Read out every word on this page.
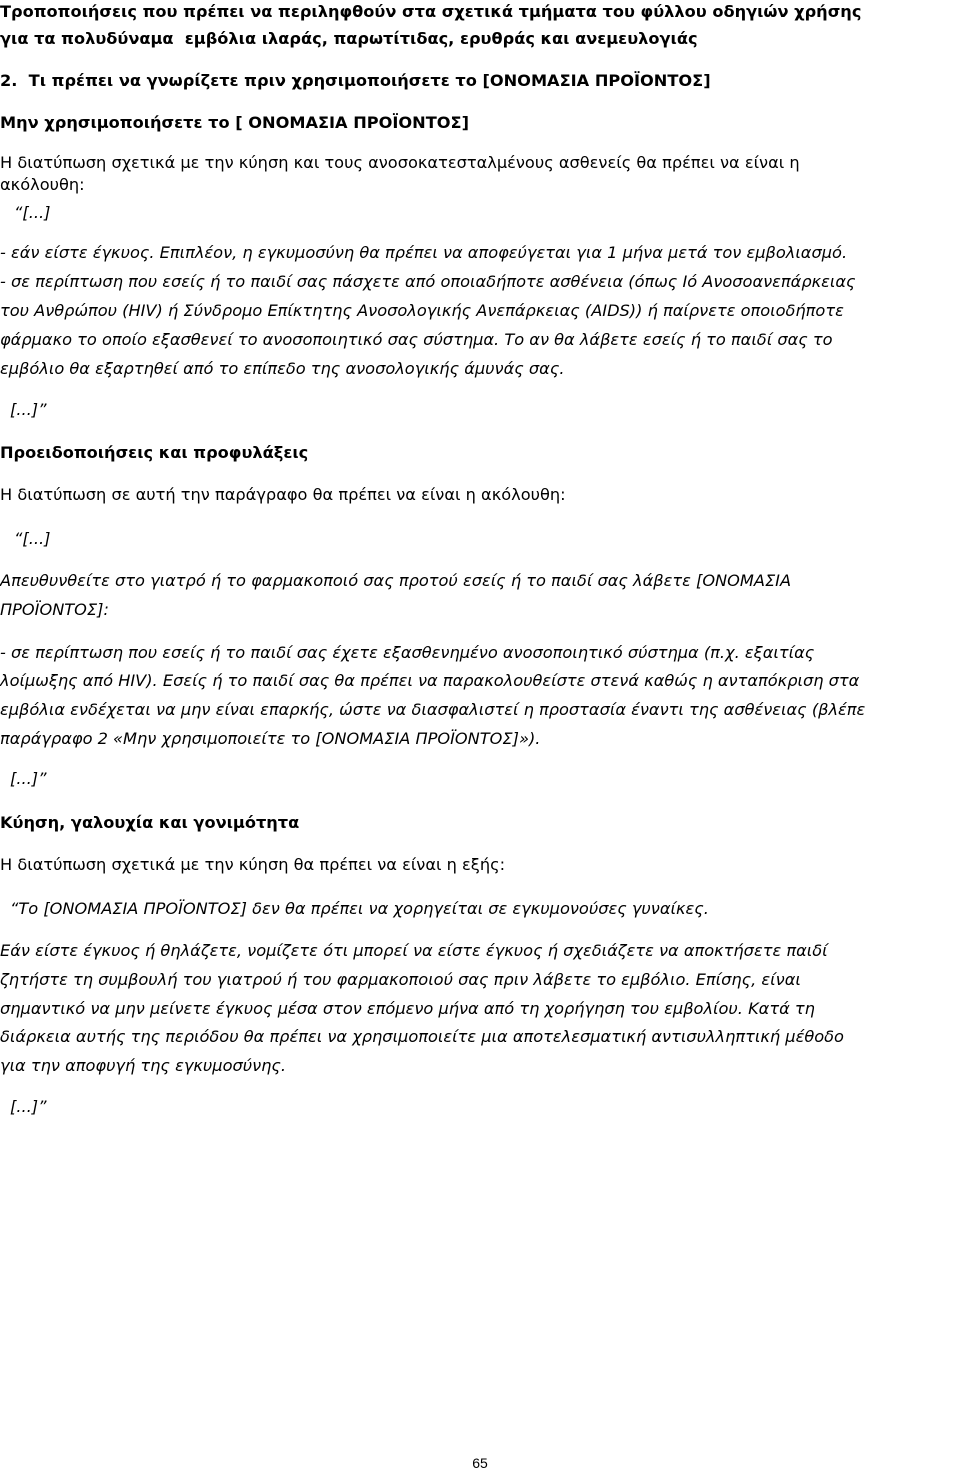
Τροποποιήσεις που πρέπει να περιληφθούν στα σχετικά τμήματα του φύλλου οδηγιών χρήσης

για τα πολυδύναμα  εμβόλια ιλαράς, παρωτίτιδας, ερυθράς και ανεμευλογιάς

2.  Τι πρέπει να γνωρίζετε πριν χρησιμοποιήσετε το [ΟΝΟΜΑΣΙΑ ΠΡΟΪΟΝΤΟΣ]

Μην χρησιμοποιήσετε το [ ΟΝΟΜΑΣΙΑ ΠΡΟΪΟΝΤΟΣ]

Η διατύπωση σχετικά με την κύηση και τους ανοσοκατεσταλμένους ασθενείς θα πρέπει να είναι η

ακόλουθη:

“[...]

- εάν είστε έγκυος. Επιπλέον, η εγκυμοσύνη θα πρέπει να αποφεύγεται για 1 μήνα μετά τον εμβολιασμό.

- σε περίπτωση που εσείς ή το παιδί σας πάσχετε από οποιαδήποτε ασθένεια (όπως Ιό Ανοσοανεπάρκειας

του Ανθρώπου (HIV) ή Σύνδρομο Επίκτητης Ανοσολογικής Ανεπάρκειας (AIDS)) ή παίρνετε οποιοδήποτε

φάρμακο το οποίο εξασθενεί το ανοσοποιητικό σας σύστημα. Το αν θα λάβετε εσείς ή το παιδί σας το

εμβόλιο θα εξαρτηθεί από το επίπεδο της ανοσολογικής άμυνάς σας.

[...]”

Προειδοποιήσεις και προφυλάξεις

Η διατύπωση σε αυτή την παράγραφο θα πρέπει να είναι η ακόλουθη:

“[...]

Απευθυνθείτε στο γιατρό ή το φαρμακοποιό σας προτού εσείς ή το παιδί σας λάβετε [ΟΝΟΜΑΣΙΑ

ΠΡΟΪΟΝΤΟΣ]:

- σε περίπτωση που εσείς ή το παιδί σας έχετε εξασθενημένο ανοσοποιητικό σύστημα (π.χ. εξαιτίας

λοίμωξης από HIV). Εσείς ή το παιδί σας θα πρέπει να παρακολουθείστε στενά καθώς η ανταπόκριση στα

εμβόλια ενδέχεται να μην είναι επαρκής, ώστε να διασφαλιστεί η προστασία έναντι της ασθένειας (βλέπε

παράγραφο 2 «Μην χρησιμοποιείτε το [ΟΝΟΜΑΣΙΑ ΠΡΟΪΟΝΤΟΣ]»).

[...]”

Κύηση, γαλουχία και γονιμότητα

Η διατύπωση σχετικά με την κύηση θα πρέπει να είναι η εξής:

“Το [ΟΝΟΜΑΣΙΑ ΠΡΟΪΟΝΤΟΣ] δεν θα πρέπει να χορηγείται σε εγκυμονούσες γυναίκες.

Εάν είστε έγκυος ή θηλάζετε, νομίζετε ότι μπορεί να είστε έγκυος ή σχεδιάζετε να αποκτήσετε παιδί

ζητήστε τη συμβουλή του γιατρού ή του φαρμακοποιού σας πριν λάβετε το εμβόλιο. Επίσης, είναι

σημαντικό να μην μείνετε έγκυος μέσα στον επόμενο μήνα από τη χορήγηση του εμβολίου. Κατά τη

διάρκεια αυτής της περιόδου θα πρέπει να χρησιμοποιείτε μια αποτελεσματική αντισυλληπτική μέθοδο

για την αποφυγή της εγκυμοσύνης.

[...]”

65
